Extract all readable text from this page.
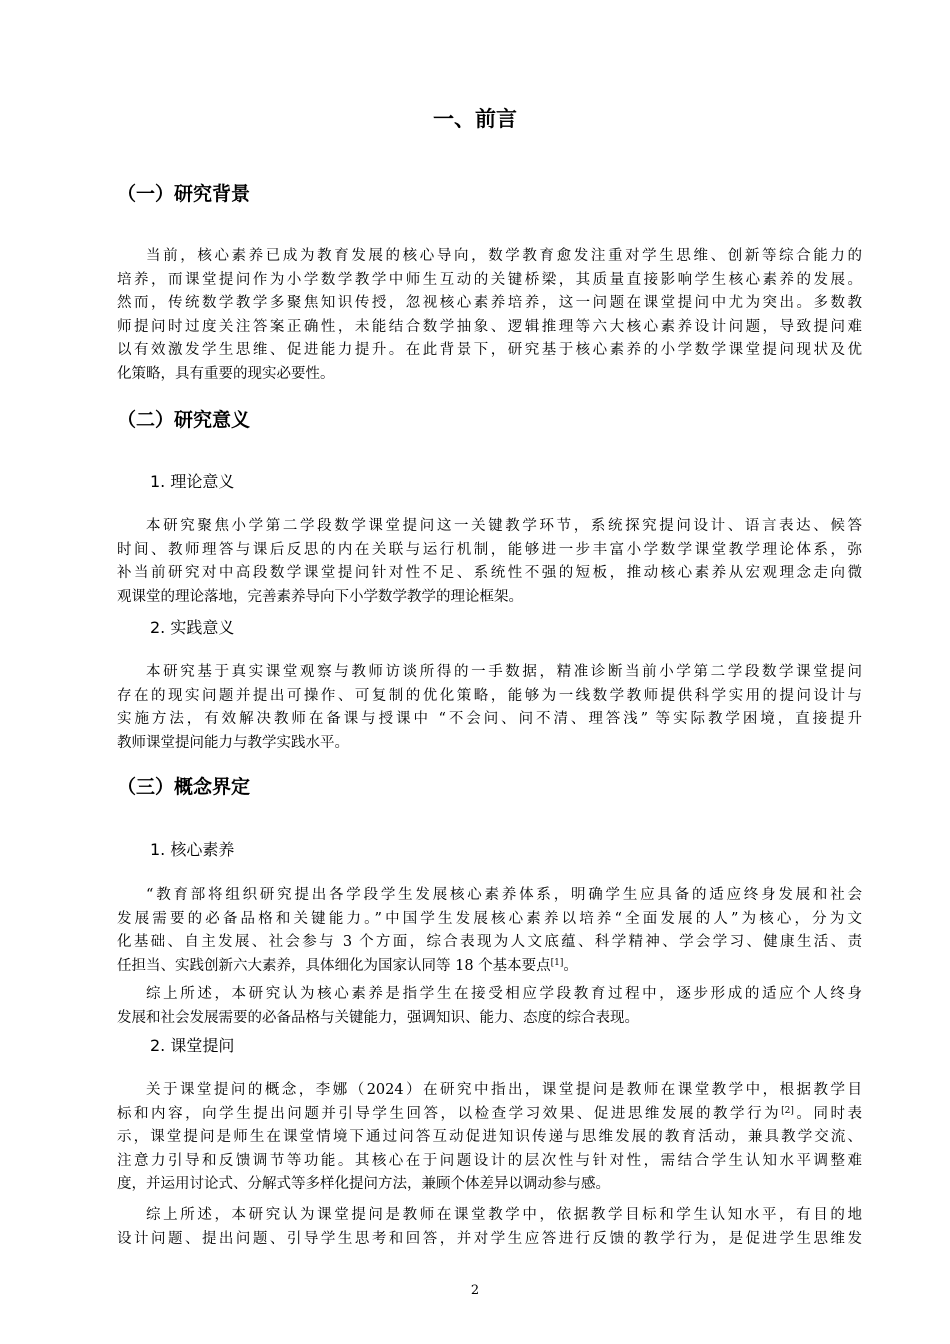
一、前言
（一）研究背景
当前，核心素养已成为教育发展的核心导向，数学教育愈发注重对学生思维、创新等综合能力的
培养，而课堂提问作为小学数学教学中师生互动的关键桥梁，其质量直接影响学生核心素养的发展。
然而，传统数学教学多聚焦知识传授，忽视核心素养培养，这一问题在课堂提问中尤为突出。多数教
师提问时过度关注答案正确性，未能结合数学抽象、逻辑推理等六大核心素养设计问题，导致提问难
以有效激发学生思维、促进能力提升。在此背景下，研究基于核心素养的小学数学课堂提问现状及优
化策略，具有重要的现实必要性。
（二）研究意义
1. 理论意义
本研究聚焦小学第二学段数学课堂提问这一关键教学环节，系统探究提问设计、语言表达、候答
时间、教师理答与课后反思的内在关联与运行机制，能够进一步丰富小学数学课堂教学理论体系，弥
补当前研究对中高段数学课堂提问针对性不足、系统性不强的短板，推动核心素养从宏观理念走向微
观课堂的理论落地，完善素养导向下小学数学教学的理论框架。
2. 实践意义
本研究基于真实课堂观察与教师访谈所得的一手数据，精准诊断当前小学第二学段数学课堂提问
存在的现实问题并提出可操作、可复制的优化策略，能够为一线数学教师提供科学实用的提问设计与
实施方法，有效解决教师在备课与授课中 “不会问、问不清、理答浅” 等实际教学困境，直接提升
教师课堂提问能力与教学实践水平。
（三）概念界定
1. 核心素养
“教育部将组织研究提出各学段学生发展核心素养体系，明确学生应具备的适应终身发展和社会
发展需要的必备品格和关键能力。”中国学生发展核心素养以培养“全面发展的人”为核心，分为文
化基础、自主发展、社会参与 3 个方面，综合表现为人文底蕴、科学精神、学会学习、健康生活、责
任担当、实践创新六大素养，具体细化为国家认同等 18 个基本要点[1]。
综上所述，本研究认为核心素养是指学生在接受相应学段教育过程中，逐步形成的适应个人终身
发展和社会发展需要的必备品格与关键能力，强调知识、能力、态度的综合表现。
2. 课堂提问
关于课堂提问的概念，李娜（2024）在研究中指出，课堂提问是教师在课堂教学中，根据教学目
标和内容，向学生提出问题并引导学生回答，以检查学习效果、促进思维发展的教学行为[2]。同时表
示，课堂提问是师生在课堂情境下通过问答互动促进知识传递与思维发展的教育活动，兼具教学交流、
注意力引导和反馈调节等功能。其核心在于问题设计的层次性与针对性，需结合学生认知水平调整难
度，并运用讨论式、分解式等多样化提问方法，兼顾个体差异以调动参与感。
综上所述，本研究认为课堂提问是教师在课堂教学中，依据教学目标和学生认知水平，有目的地
设计问题、提出问题、引导学生思考和回答，并对学生应答进行反馈的教学行为，是促进学生思维发
2
